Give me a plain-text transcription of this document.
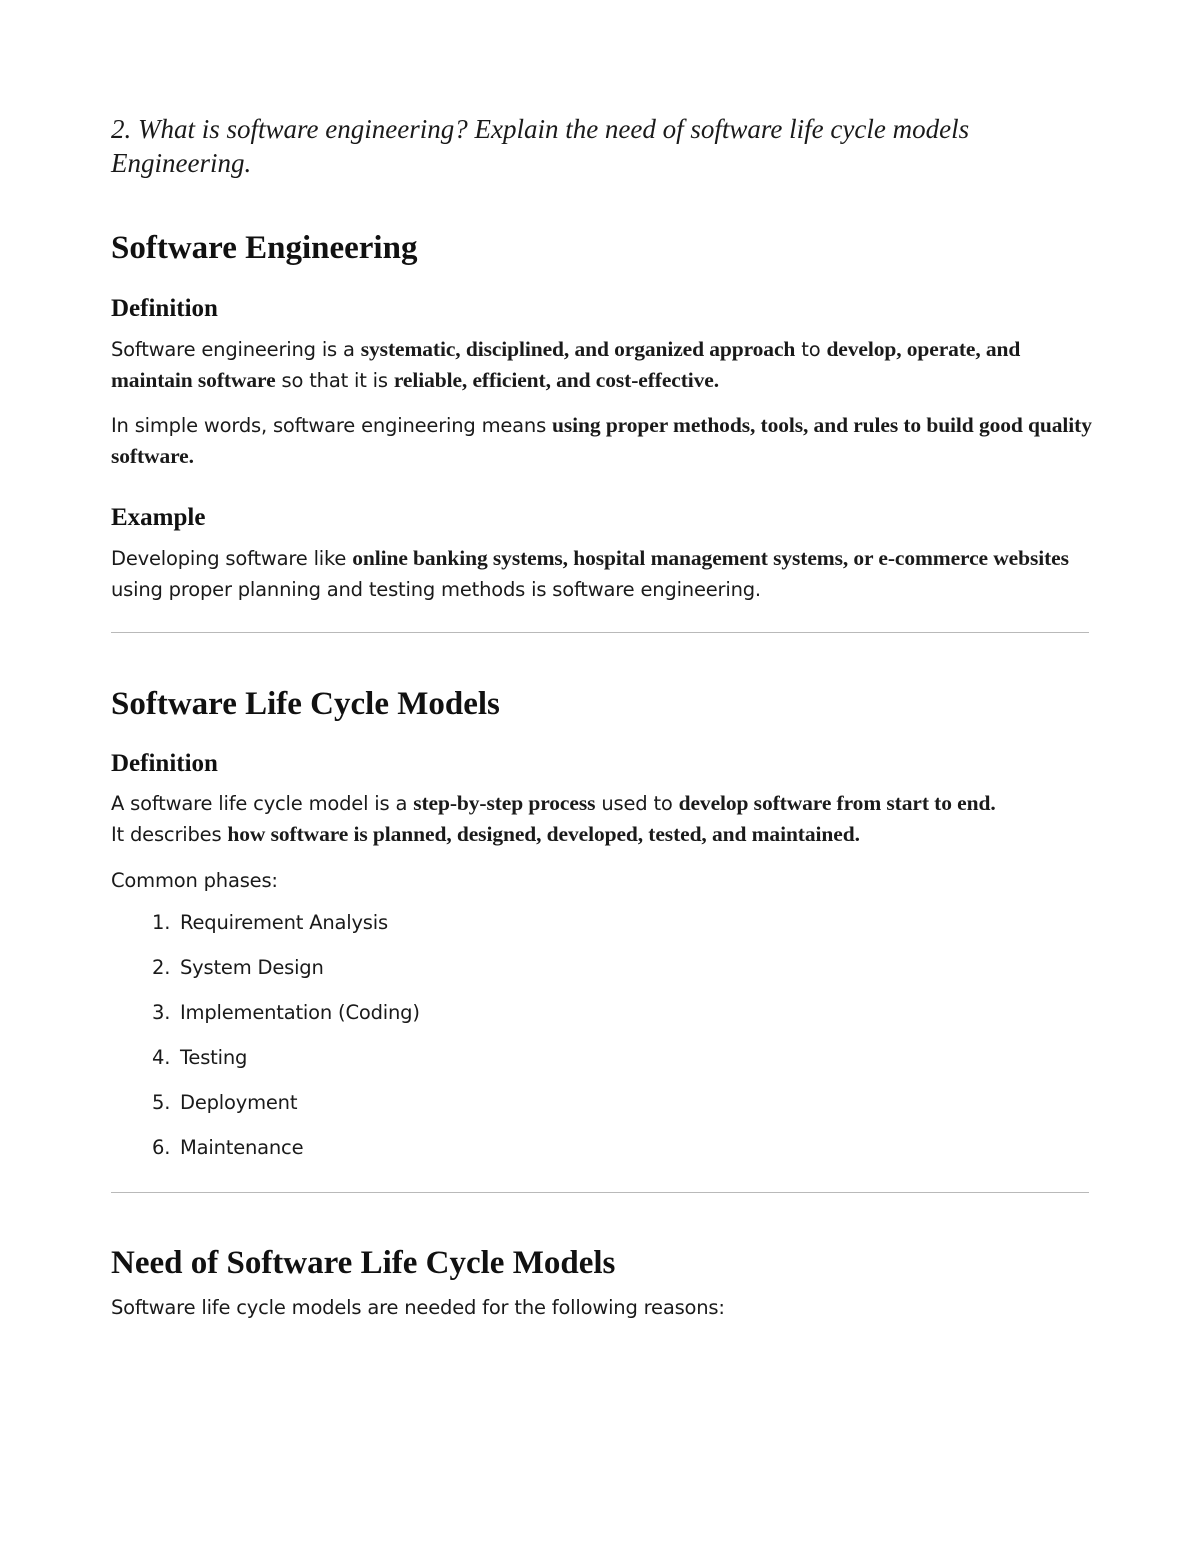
2. What is software engineering? Explain the need of software life cycle models Engineering.

Software Engineering
Definition

Software engineering is a systematic, disciplined, and organized approach to develop, operate, and maintain software so that it is reliable, efficient, and cost-effective.

In simple words, software engineering means using proper methods, tools, and rules to build good quality software.

Example

Developing software like online banking systems, hospital management systems, or e-commerce websites using proper planning and testing methods is software engineering.

Software Life Cycle Models
Definition

A software life cycle model is a step-by-step process used to develop software from start to end.
It describes how software is planned, designed, developed, tested, and maintained.

Common phases:

1. Requirement Analysis
2. System Design
3. Implementation (Coding)
4. Testing
5. Deployment
6. Maintenance
Need of Software Life Cycle Models

Software life cycle models are needed for the following reasons:
